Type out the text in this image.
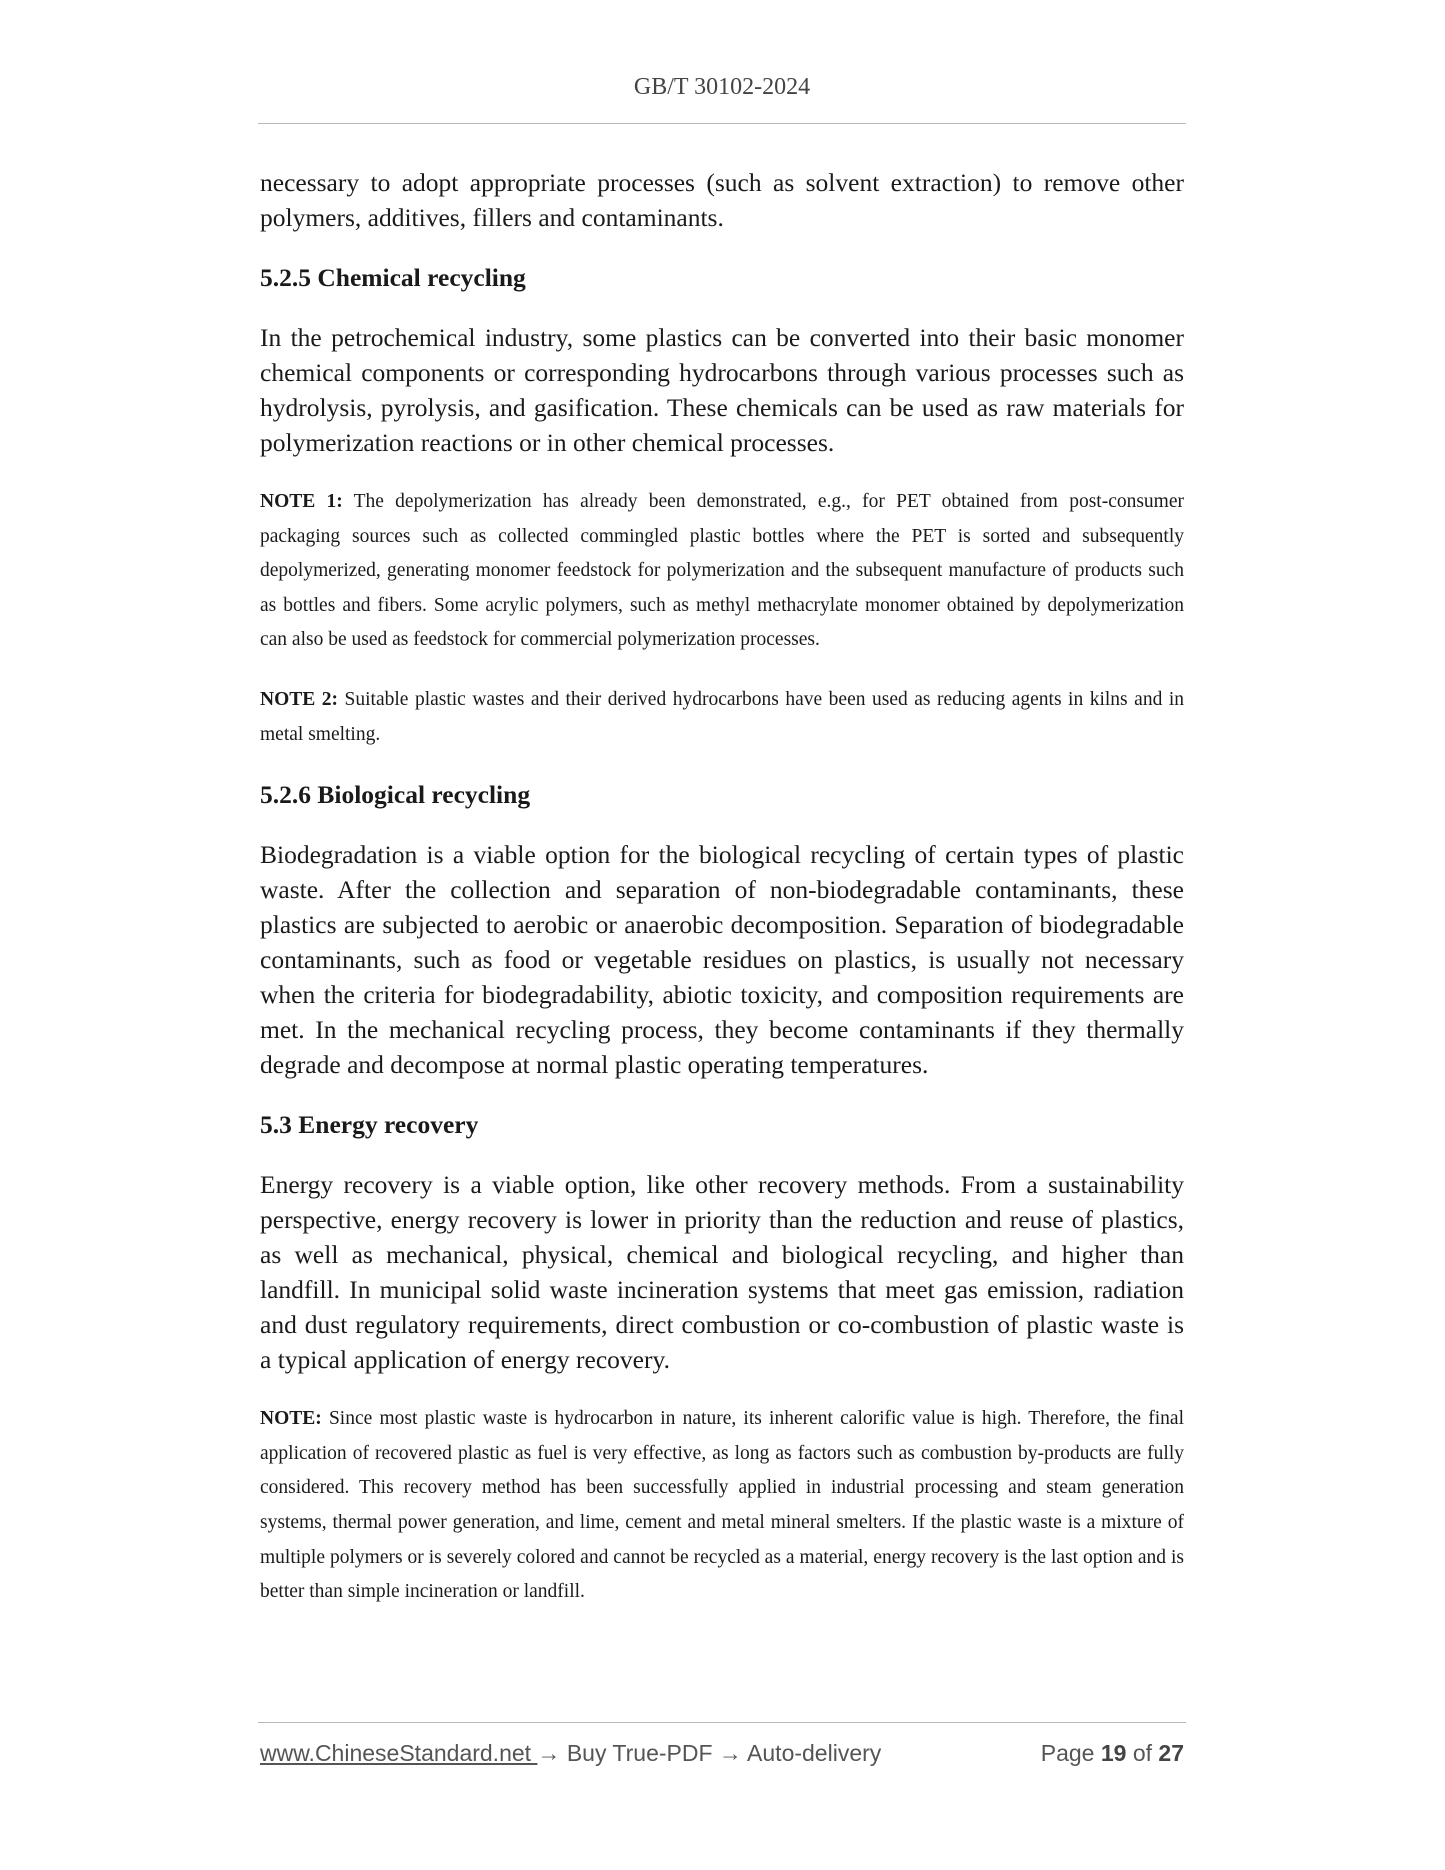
GB/T 30102-2024

necessary to adopt appropriate processes (such as solvent extraction) to remove other polymers, additives, fillers and contaminants.

5.2.5 Chemical recycling

In the petrochemical industry, some plastics can be converted into their basic monomer chemical components or corresponding hydrocarbons through various processes such as hydrolysis, pyrolysis, and gasification. These chemicals can be used as raw materials for polymerization reactions or in other chemical processes.

NOTE 1: The depolymerization has already been demonstrated, e.g., for PET obtained from post-consumer packaging sources such as collected commingled plastic bottles where the PET is sorted and subsequently depolymerized, generating monomer feedstock for polymerization and the subsequent manufacture of products such as bottles and fibers. Some acrylic polymers, such as methyl methacrylate monomer obtained by depolymerization can also be used as feedstock for commercial polymerization processes.

NOTE 2: Suitable plastic wastes and their derived hydrocarbons have been used as reducing agents in kilns and in metal smelting.

5.2.6 Biological recycling

Biodegradation is a viable option for the biological recycling of certain types of plastic waste. After the collection and separation of non-biodegradable contaminants, these plastics are subjected to aerobic or anaerobic decomposition. Separation of biodegradable contaminants, such as food or vegetable residues on plastics, is usually not necessary when the criteria for biodegradability, abiotic toxicity, and composition requirements are met. In the mechanical recycling process, they become contaminants if they thermally degrade and decompose at normal plastic operating temperatures.

5.3 Energy recovery

Energy recovery is a viable option, like other recovery methods. From a sustainability perspective, energy recovery is lower in priority than the reduction and reuse of plastics, as well as mechanical, physical, chemical and biological recycling, and higher than landfill. In municipal solid waste incineration systems that meet gas emission, radiation and dust regulatory requirements, direct combustion or co-combustion of plastic waste is a typical application of energy recovery.

NOTE: Since most plastic waste is hydrocarbon in nature, its inherent calorific value is high. Therefore, the final application of recovered plastic as fuel is very effective, as long as factors such as combustion by-products are fully considered. This recovery method has been successfully applied in industrial processing and steam generation systems, thermal power generation, and lime, cement and metal mineral smelters. If the plastic waste is a mixture of multiple polymers or is severely colored and cannot be recycled as a material, energy recovery is the last option and is better than simple incineration or landfill.

www.ChineseStandard.net → Buy True-PDF → Auto-delivery	Page 19 of 27
